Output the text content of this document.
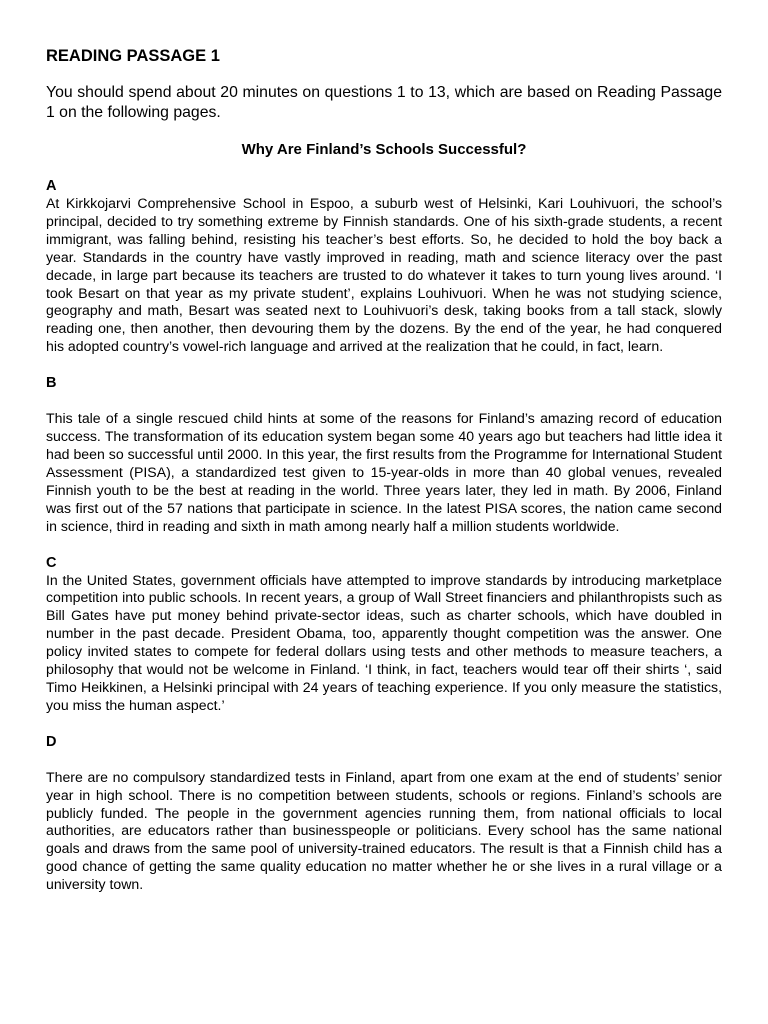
READING PASSAGE 1
You should spend about 20 minutes on questions 1 to 13, which are based on Reading Passage 1 on the following pages.
Why Are Finland’s Schools Successful?
A
At Kirkkojarvi Comprehensive School in Espoo, a suburb west of Helsinki, Kari Louhivuori, the school’s principal, decided to try something extreme by Finnish standards. One of his sixth-grade students, a recent immigrant, was falling behind, resisting his teacher’s best efforts. So, he decided to hold the boy back a year. Standards in the country have vastly improved in reading, math and science literacy over the past decade, in large part because its teachers are trusted to do whatever it takes to turn young lives around. ‘I took Besart on that year as my private student’, explains Louhivuori. When he was not studying science, geography and math, Besart was seated next to Louhivuori’s desk, taking books from a tall stack, slowly reading one, then another, then devouring them by the dozens. By the end of the year, he had conquered his adopted country’s vowel-rich language and arrived at the realization that he could, in fact, learn.
B
This tale of a single rescued child hints at some of the reasons for Finland’s amazing record of education success. The transformation of its education system began some 40 years ago but teachers had little idea it had been so successful until 2000. In this year, the first results from the Programme for International Student Assessment (PISA), a standardized test given to 15-year-olds in more than 40 global venues, revealed Finnish youth to be the best at reading in the world. Three years later, they led in math. By 2006, Finland was first out of the 57 nations that participate in science. In the latest PISA scores, the nation came second in science, third in reading and sixth in math among nearly half a million students worldwide.
C
In the United States, government officials have attempted to improve standards by introducing marketplace competition into public schools. In recent years, a group of Wall Street financiers and philanthropists such as Bill Gates have put money behind private-sector ideas, such as charter schools, which have doubled in number in the past decade. President Obama, too, apparently thought competition was the answer. One policy invited states to compete for federal dollars using tests and other methods to measure teachers, a philosophy that would not be welcome in Finland. ‘I think, in fact, teachers would tear off their shirts ‘, said Timo Heikkinen, a Helsinki principal with 24 years of teaching experience. If you only measure the statistics, you miss the human aspect.’
D
There are no compulsory standardized tests in Finland, apart from one exam at the end of students’ senior year in high school. There is no competition between students, schools or regions. Finland’s schools are publicly funded. The people in the government agencies running them, from national officials to local authorities, are educators rather than businesspeople or politicians. Every school has the same national goals and draws from the same pool of university-trained educators. The result is that a Finnish child has a good chance of getting the same quality education no matter whether he or she lives in a rural village or a university town.
